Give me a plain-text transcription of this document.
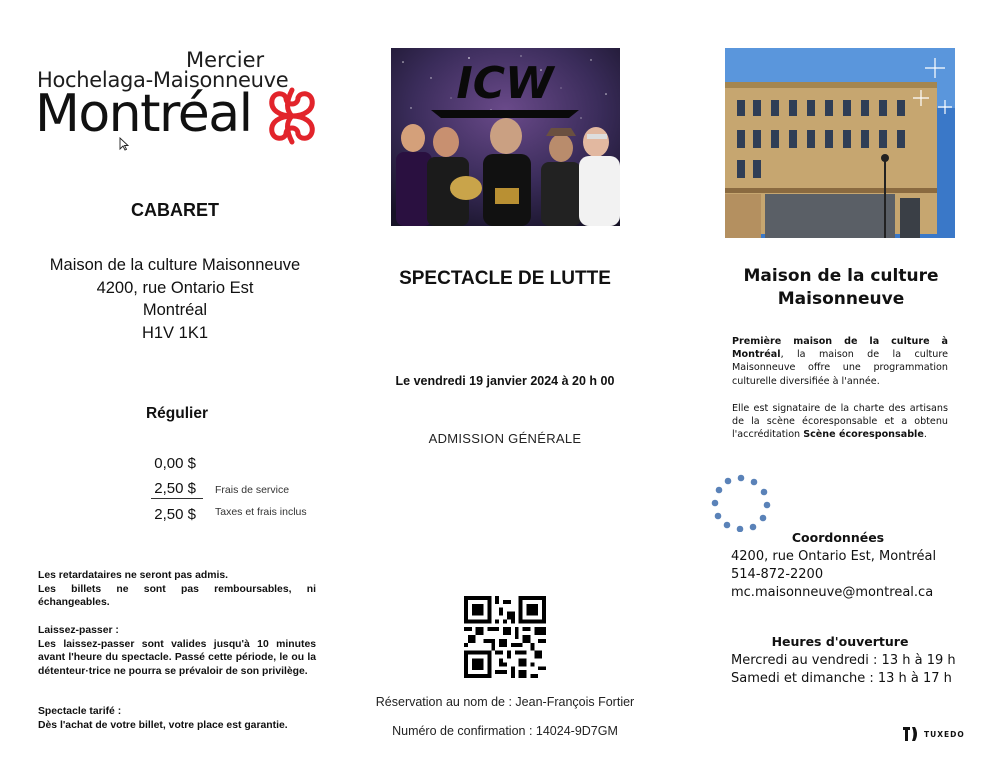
Mercier
Hochelaga-Maisonneuve
Montréal
CABARET
Maison de la culture Maisonneuve
4200, rue Ontario Est
Montréal
H1V 1K1
Régulier
0,00 $
2,50 $
2,50 $
Frais de service
Taxes et frais inclus
Les retardataires ne seront pas admis.
Les billets ne sont pas remboursables, ni échangeables.
Laissez-passer :
Les laissez-passer sont valides jusqu'à 10 minutes avant l'heure du spectacle. Passé cette période, le ou la détenteur·trice ne pourra se prévaloir de son privilège.
Spectacle tarifé :
Dès l'achat de votre billet, votre place est garantie.
ICW
SPECTACLE DE LUTTE
Le vendredi 19 janvier 2024 à 20 h 00
ADMISSION GÉNÉRALE
Réservation au nom de : Jean-François Fortier
Numéro de confirmation : 14024-9D7GM
Maison de la culture
Maisonneuve
Première maison de la culture à Montréal, la maison de la culture Maisonneuve offre une programmation culturelle diversifiée à l'année.
Elle est signataire de la charte des artisans de la scène écoresponsable et a obtenu l'accréditation Scène écoresponsable.
Coordonnées
4200, rue Ontario Est, Montréal
514-872-2200
mc.maisonneuve@montreal.ca
Heures d'ouverture
Mercredi au vendredi : 13 h à 19 h
Samedi et dimanche : 13 h à 17 h
TUXEDO
